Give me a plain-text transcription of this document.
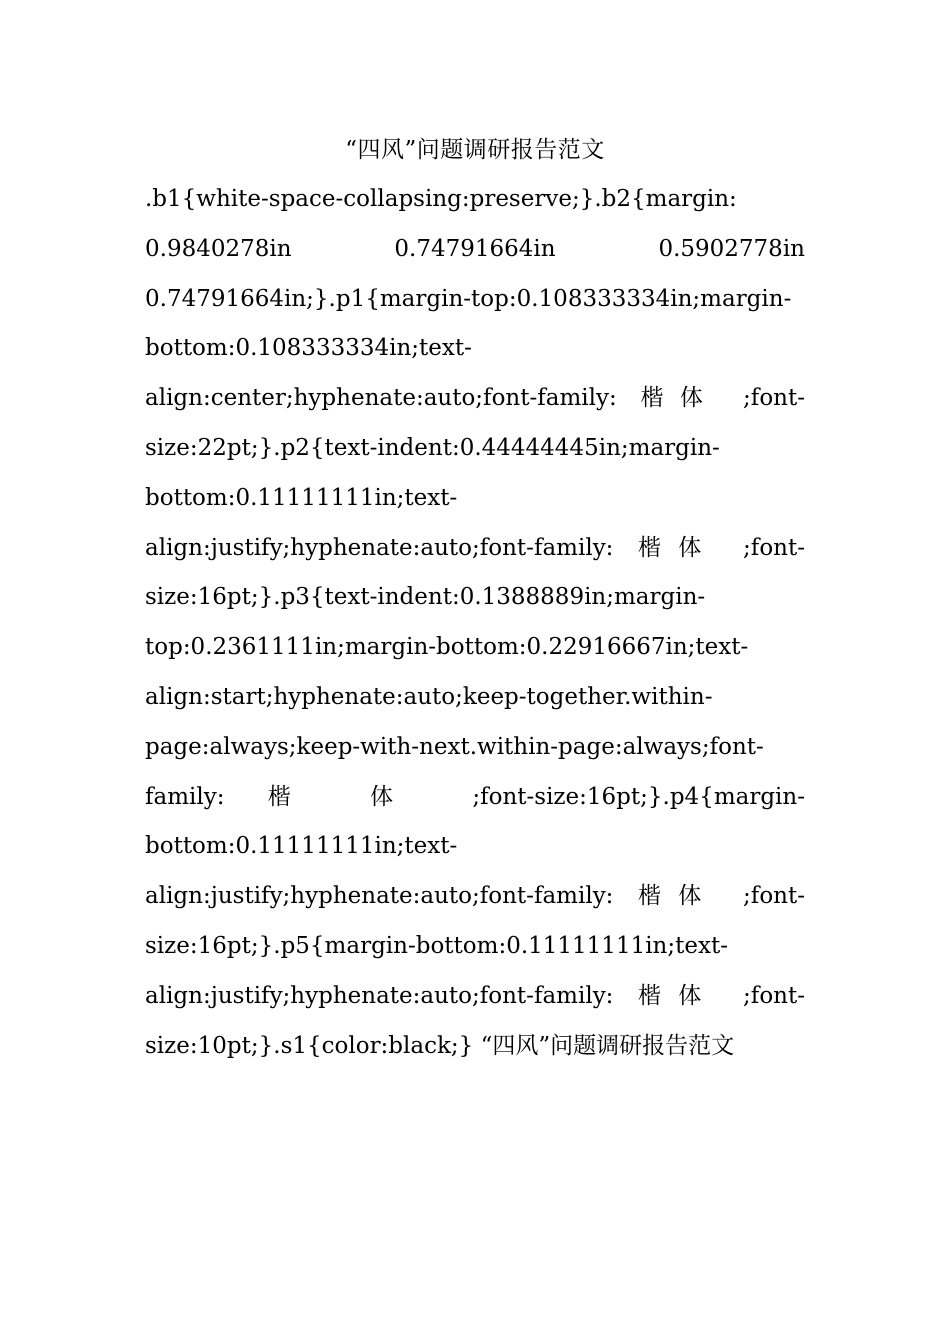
“四风”问题调研报告范文

.b1{white-space-collapsing:preserve;}.b2{margin: 0.9840278in 0.74791664in 0.5902778in 0.74791664in;}.p1{margin-top:0.108333334in;margin-bottom:0.108333334in;text-align:center;hyphenate:auto;font-family: 楷体 ;font-size:22pt;}.p2{text-indent:0.44444445in;margin-bottom:0.11111111in;text-align:justify;hyphenate:auto;font-family: 楷体 ;font-size:16pt;}.p3{text-indent:0.1388889in;margin-top:0.2361111in;margin-bottom:0.22916667in;text-align:start;hyphenate:auto;keep-together.within-page:always;keep-with-next.within-page:always;font-family: 楷 体 ;font-size:16pt;}.p4{margin-bottom:0.11111111in;text-align:justify;hyphenate:auto;font-family: 楷体 ;font-size:16pt;}.p5{margin-bottom:0.11111111in;text-align:justify;hyphenate:auto;font-family: 楷体 ;font-size:10pt;}.s1{color:black;} “四风”问题调研报告范文
